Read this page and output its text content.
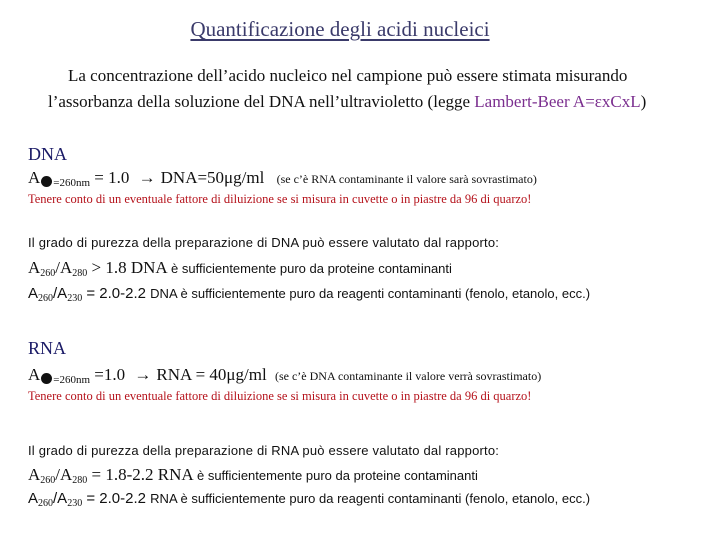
Quantificazione degli acidi nucleici
La concentrazione dell’acido nucleico nel campione può essere stimata misurando
l’assorbanza della soluzione del DNA nell’ultravioletto (legge Lambert-Beer A=εxCxL)
DNA
A $_{=260nm}$ = 1.0 → DNA=50μg/ml (se c’è RNA contaminante il valore sarà sovrastimato)
Tenere conto di un eventuale fattore di diluizione se si misura in cuvette o in piastre da 96 di quarzo!
Il grado di purezza della preparazione di DNA può essere valutato dal rapporto:
$A_{260}/A_{280} > 1.8$ DNA è sufficientemente puro da proteine contaminanti
$A_{260}/A_{230} = 2.0-2.2$ DNA è sufficientemente puro da reagenti contaminanti (fenolo, etanolo, ecc.)
RNA
A $_{=260nm}$ =1.0 → RNA = 40μg/ml (se c’è DNA contaminante il valore verrà sovrastimato)
Tenere conto di un eventuale fattore di diluizione se si misura in cuvette o in piastre da 96 di quarzo!
Il grado di purezza della preparazione di RNA può essere valutato dal rapporto:
$A_{260}/A_{280} = 1.8-2.2$ RNA è sufficientemente puro da proteine contaminanti
$A_{260}/A_{230} = 2.0-2.2$ RNA è sufficientemente puro da reagenti contaminanti (fenolo, etanolo, ecc.)
